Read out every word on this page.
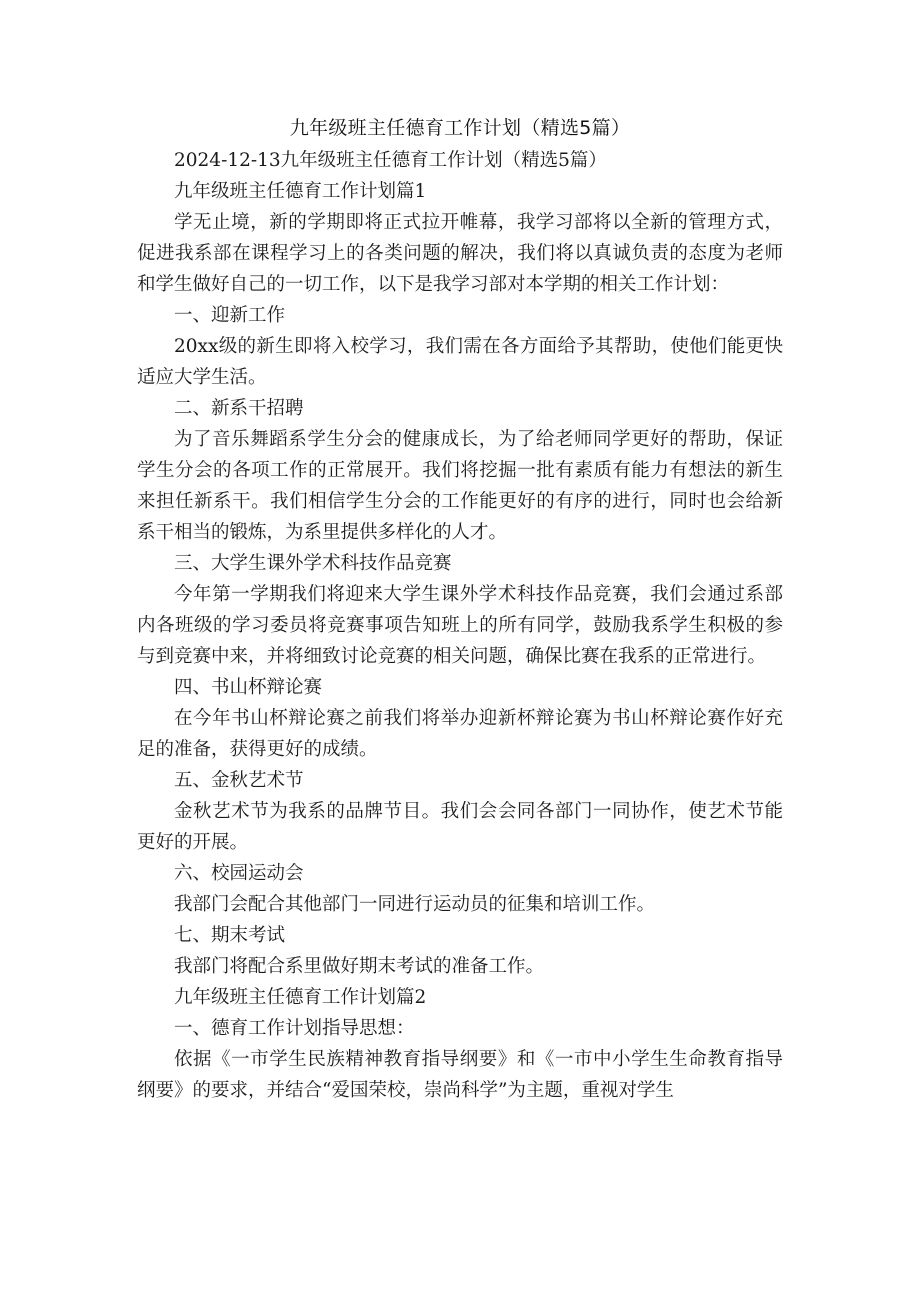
九年级班主任德育工作计划（精选5篇）

2024-12-13九年级班主任德育工作计划（精选5篇）

九年级班主任德育工作计划篇1

学无止境，新的学期即将正式拉开帷幕，我学习部将以全新的管理方式，促进我系部在课程学习上的各类问题的解决，我们将以真诚负责的态度为老师和学生做好自己的一切工作，以下是我学习部对本学期的相关工作计划：

一、迎新工作

20xx级的新生即将入校学习，我们需在各方面给予其帮助，使他们能更快适应大学生活。

二、新系干招聘

为了音乐舞蹈系学生分会的健康成长，为了给老师同学更好的帮助，保证学生分会的各项工作的正常展开。我们将挖掘一批有素质有能力有想法的新生来担任新系干。我们相信学生分会的工作能更好的有序的进行，同时也会给新系干相当的锻炼，为系里提供多样化的人才。

三、大学生课外学术科技作品竞赛

今年第一学期我们将迎来大学生课外学术科技作品竞赛，我们会通过系部内各班级的学习委员将竞赛事项告知班上的所有同学，鼓励我系学生积极的参与到竞赛中来，并将细致讨论竞赛的相关问题，确保比赛在我系的正常进行。

四、书山杯辩论赛

在今年书山杯辩论赛之前我们将举办迎新杯辩论赛为书山杯辩论赛作好充足的准备，获得更好的成绩。

五、金秋艺术节

金秋艺术节为我系的品牌节目。我们会会同各部门一同协作，使艺术节能更好的开展。

六、校园运动会

我部门会配合其他部门一同进行运动员的征集和培训工作。

七、期末考试

我部门将配合系里做好期末考试的准备工作。

九年级班主任德育工作计划篇2

一、德育工作计划指导思想：

依据《一市学生民族精神教育指导纲要》和《一市中小学生生命教育指导纲要》的要求，并结合“爱国荣校，崇尚科学”为主题，重视对学生
